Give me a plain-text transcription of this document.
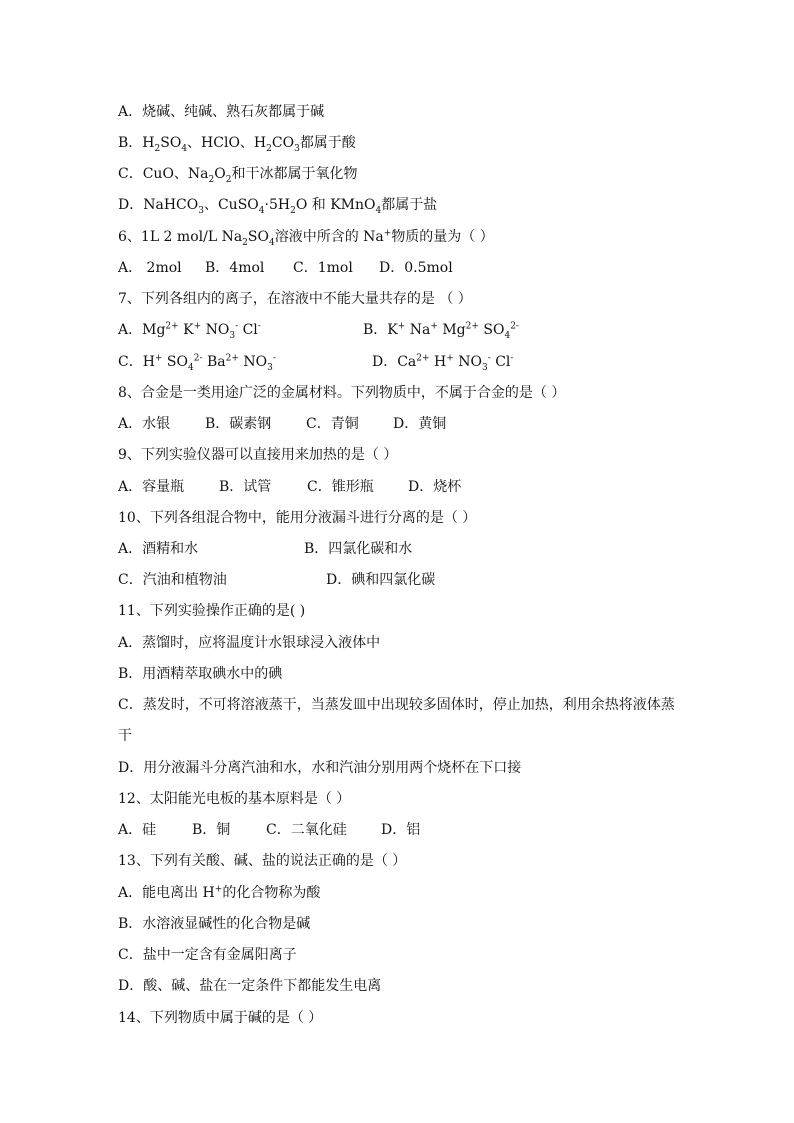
A．烧碱、纯碱、熟石灰都属于碱
B．$H_2SO_4$、HClO、$H_2CO_3$都属于酸
C．CuO、$Na_2O_2$和干冰都属于氧化物
D．NaHCO$_3$、$CuSO_4\cdot 5H_2O$ 和 KMnO$_4$都属于盐
6、1L 2 mol/L $Na_2SO_4$溶液中所含的 Na+物质的量为（ ）
A． 2mol B．4mol C．1mol D．0.5mol
7、下列各组内的离子，在溶液中不能大量共存的是 （ ）
A．$Mg^{2+}$ K+ $NO_3^-$ Cl-	B．K+ Na+ $Mg^{2+}$ $SO_4^{2-}$
C．H+ $SO_4^{2-}$ $Ba^{2+}$ $NO_3^-$	D．$Ca^{2+}$ H+ $NO_3^-$ Cl-
8、合金是一类用途广泛的金属材料。下列物质中，不属于合金的是（ ）
A．水银 B．碳素钢 C．青铜 D．黄铜
9、下列实验仪器可以直接用来加热的是（ ）
A．容量瓶 B．试管	C．锥形瓶 D．烧杯
10、下列各组混合物中，能用分液漏斗进行分离的是（ ）
A．酒精和水	B．四氯化碳和水
C．汽油和植物油	D．碘和四氯化碳
11、下列实验操作正确的是( )
A．蒸馏时，应将温度计水银球浸入液体中
B．用酒精萃取碘水中的碘
C．蒸发时，不可将溶液蒸干，当蒸发皿中出现较多固体时，停止加热，利用余热将液体蒸
干
D．用分液漏斗分离汽油和水，水和汽油分别用两个烧杯在下口接
12、太阳能光电板的基本原料是（ ）
A．硅	B．铜	C．二氧化硅 D．铝
13、下列有关酸、碱、盐的说法正确的是（ ）
A．能电离出 H+的化合物称为酸
B．水溶液显碱性的化合物是碱
C．盐中一定含有金属阳离子
D．酸、碱、盐在一定条件下都能发生电离
14、下列物质中属于碱的是（ ）
